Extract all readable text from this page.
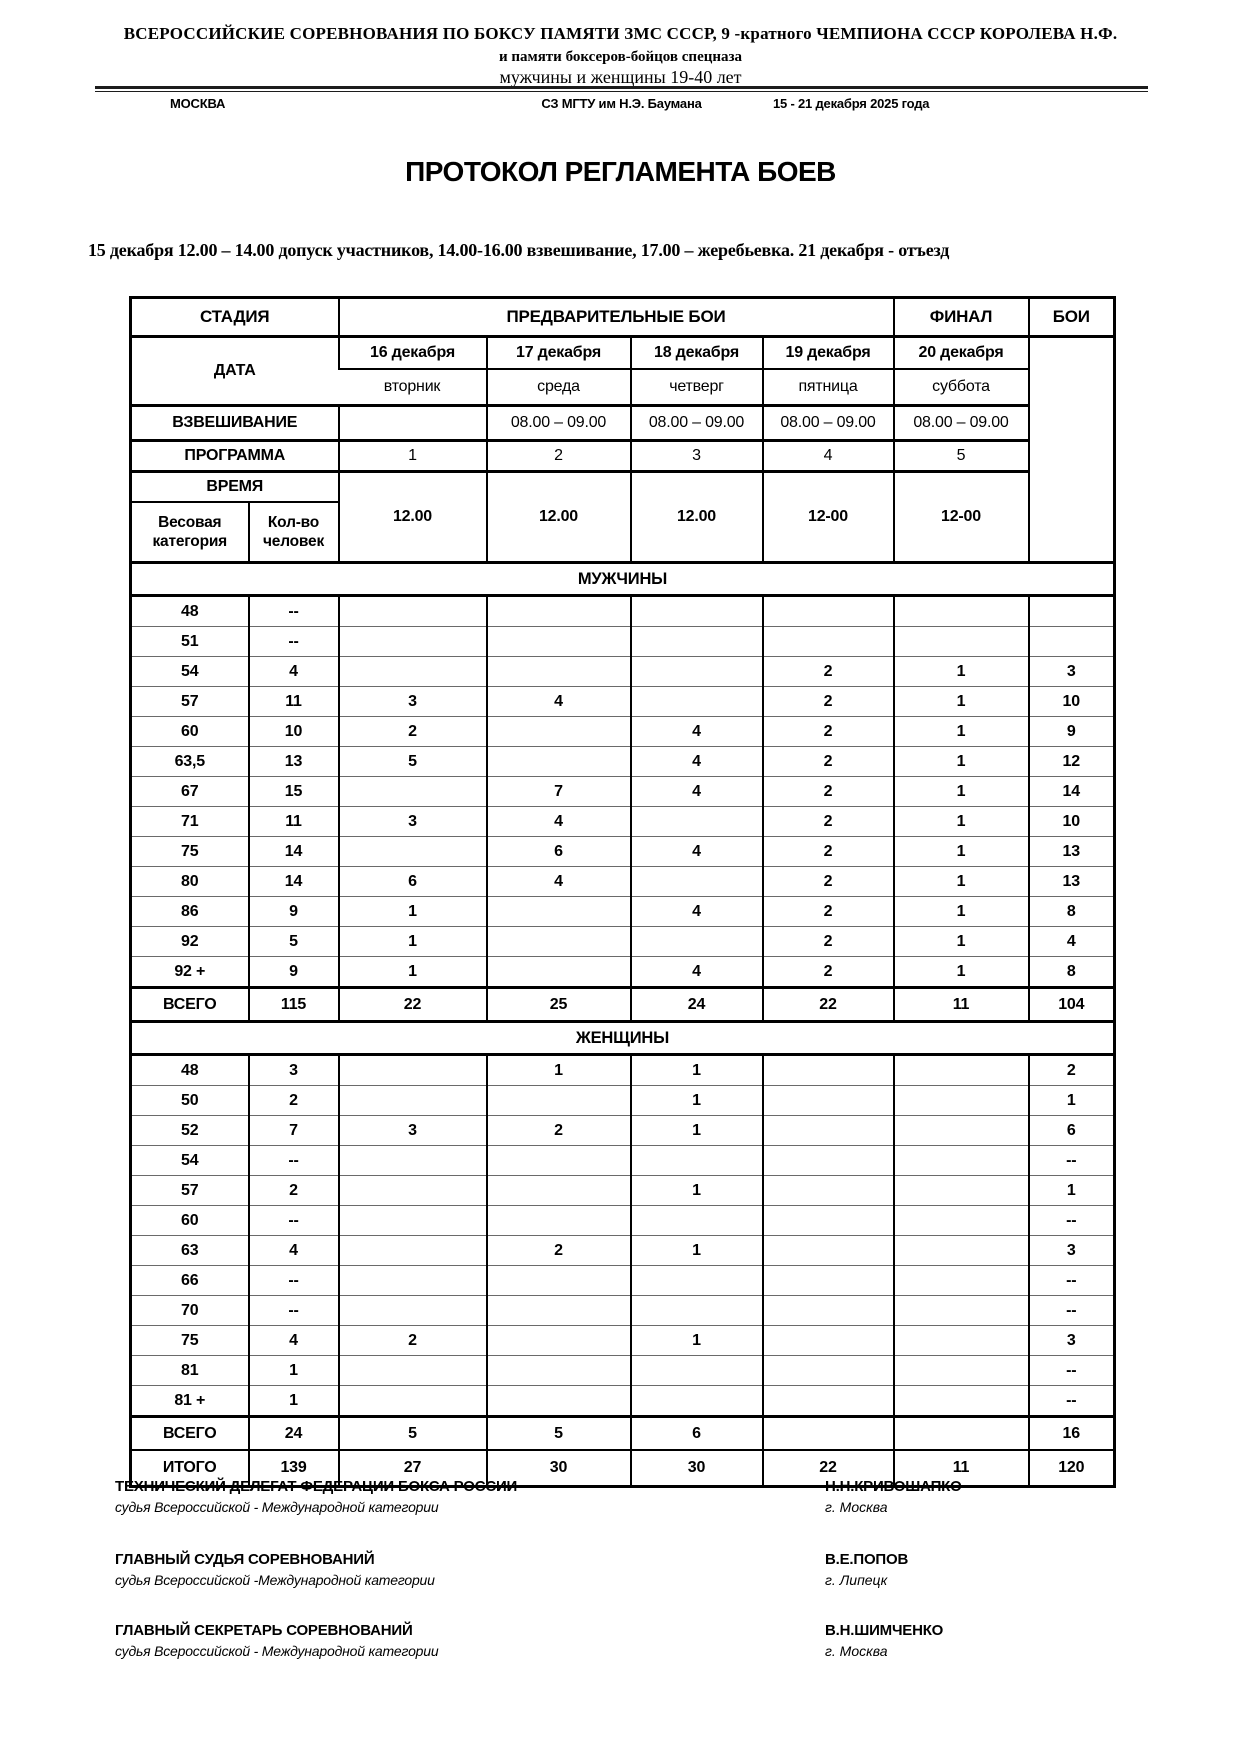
ВСЕРОССИЙСКИЕ СОРЕВНОВАНИЯ ПО БОКСУ ПАМЯТИ ЗМС СССР, 9 -кратного ЧЕМПИОНА СССР КОРОЛЕВА Н.Ф.
и памяти боксеров-бойцов спецназа
мужчины и женщины 19-40 лет
МОСКВА	СЗ МГТУ им Н.Э. Баумана	15 - 21 декабря 2025 года
ПРОТОКОЛ РЕГЛАМЕНТА БОЕВ
15 декабря 12.00 – 14.00 допуск участников, 14.00-16.00 взвешивание, 17.00 – жеребьевка. 21 декабря - отъезд
СТАДИЯ		ПРЕДВАРИТЕЛЬНЫЕ БОИ				ФИНАЛ	БОИ
ДАТА		16 декабря	17 декабря	18 декабря	19 декабря	20 декабря	
		вторник	среда	четверг	пятница	суббота	
ВЗВЕШИВАНИЕ			08.00 – 09.00	08.00 – 09.00	08.00 – 09.00	08.00 – 09.00	
ПРОГРАММА		1	2	3	4	5	
ВРЕМЯ		12.00	12.00	12.00	12-00	12-00	
Весовая категория	Кол-во человек						
МУЖЧИНЫ							
48	--						
51	--						
54	4				2	1	3
57	11	3	4		2	1	10
60	10	2		4	2	1	9
63,5	13	5		4	2	1	12
67	15		7	4	2	1	14
71	11	3	4		2	1	10
75	14		6	4	2	1	13
80	14	6	4		2	1	13
86	9	1		4	2	1	8
92	5	1			2	1	4
92 +	9	1		4	2	1	8
ВСЕГО	115	22	25	24	22	11	104
ЖЕНЩИНЫ							
48	3		1	1			2
50	2			1			1
52	7	3	2	1			6
54	--						--
57	2			1			1
60	--						--
63	4		2	1			3
66	--						--
70	--						--
75	4	2		1			3
81	1						--
81 +	1						--
ВСЕГО	24	5	5	6			16
ИТОГО	139	27	30	30	22	11	120
ТЕХНИЧЕСКИЙ ДЕЛЕГАТ ФЕДЕРАЦИИ БОКСА РОССИИ
судья Всероссийской - Международной категории
Н.Н.КРИВОШАПКО
г. Москва
ГЛАВНЫЙ СУДЬЯ СОРЕВНОВАНИЙ
судья Всероссийской -Международной категории
В.Е.ПОПОВ
г. Липецк
ГЛАВНЫЙ СЕКРЕТАРЬ СОРЕВНОВАНИЙ
судья Всероссийской - Международной категории
В.Н.ШИМЧЕНКО
г. Москва
